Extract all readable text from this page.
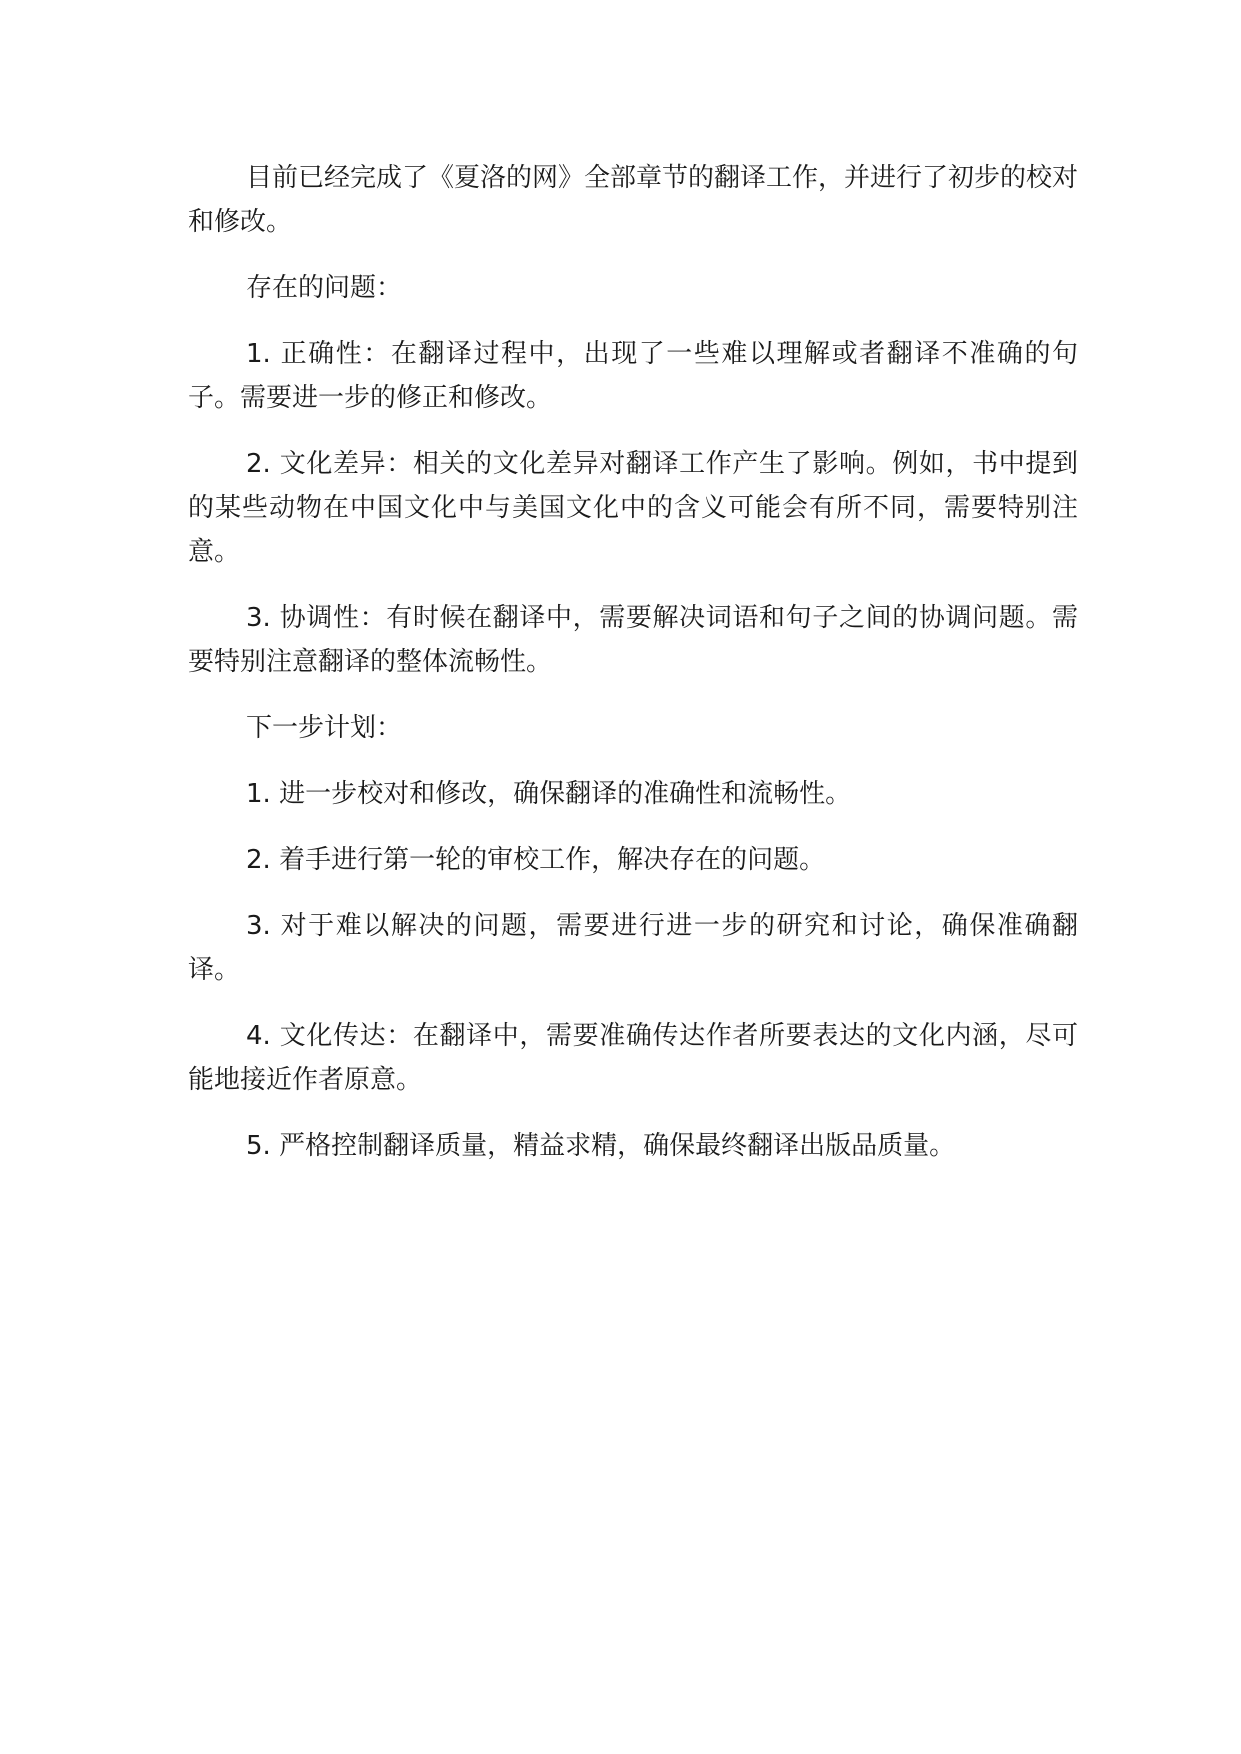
目前已经完成了《夏洛的网》全部章节的翻译工作，并进行了初步的校对和修改。

存在的问题：

1. 正确性：在翻译过程中，出现了一些难以理解或者翻译不准确的句子。需要进一步的修正和修改。

2. 文化差异：相关的文化差异对翻译工作产生了影响。例如，书中提到的某些动物在中国文化中与美国文化中的含义可能会有所不同，需要特别注意。

3. 协调性：有时候在翻译中，需要解决词语和句子之间的协调问题。需要特别注意翻译的整体流畅性。

下一步计划：

1. 进一步校对和修改，确保翻译的准确性和流畅性。

2. 着手进行第一轮的审校工作，解决存在的问题。

3. 对于难以解决的问题，需要进行进一步的研究和讨论，确保准确翻译。

4. 文化传达：在翻译中，需要准确传达作者所要表达的文化内涵，尽可能地接近作者原意。

5. 严格控制翻译质量，精益求精，确保最终翻译出版品质量。
